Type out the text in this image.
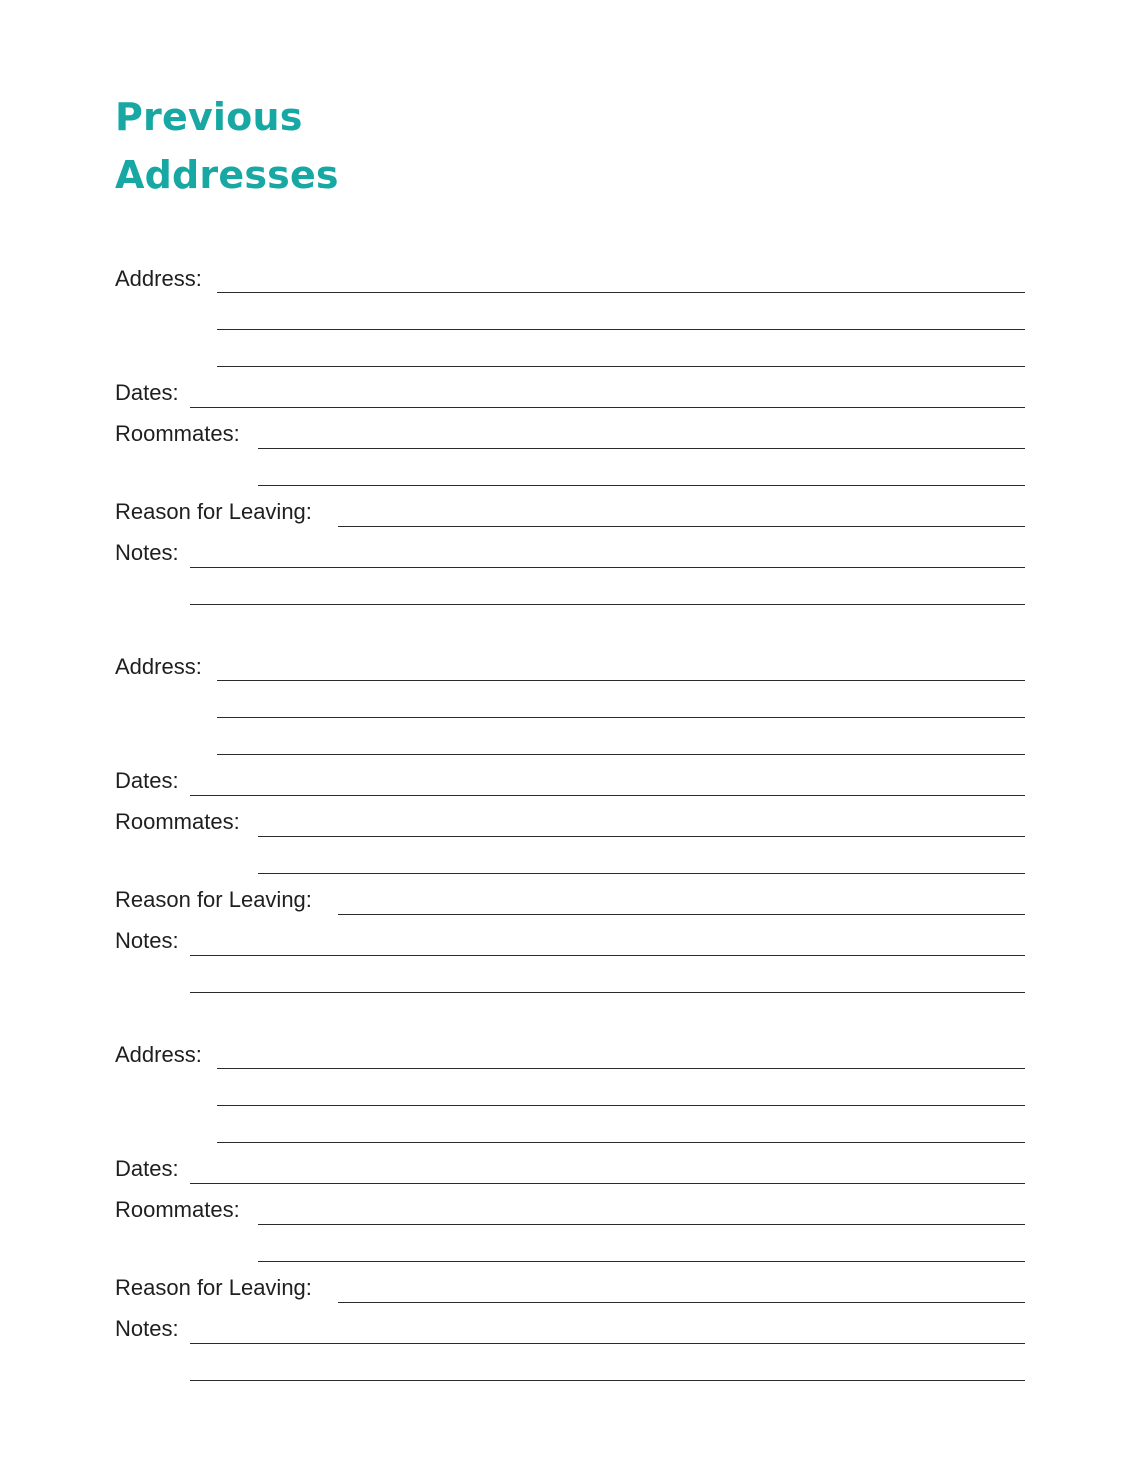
Previous
Addresses
Address:
Dates:
Roommates:
Reason for Leaving:
Notes:
Address:
Dates:
Roommates:
Reason for Leaving:
Notes:
Address:
Dates:
Roommates:
Reason for Leaving:
Notes:
